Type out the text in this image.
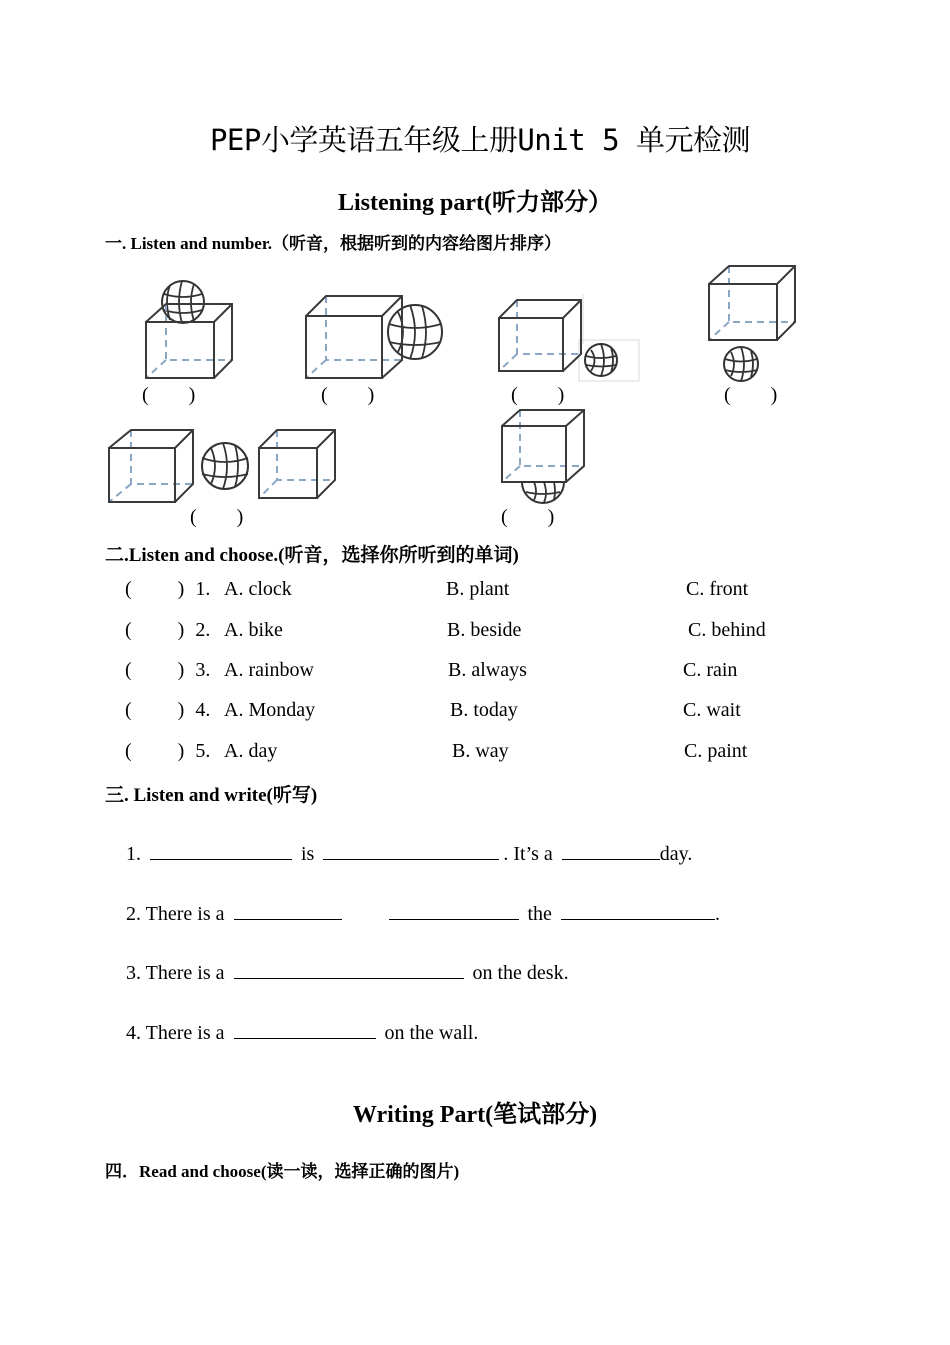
PEP小学英语五年级上册Unit 5 单元检测
Listening part(听力部分）
一. Listen and number.（听音，根据听到的内容给图片排序）
( )	( )	( )	( )
( )	( )
二.Listen and choose.(听音，选择你所听到的单词)
( ) 1. A. clock	B. plant	C. front
( ) 2. A. bike	B. beside	C. behind
( ) 3. A. rainbow	B. always	C. rain
( ) 4. A. Monday	B. today	C. wait
( ) 5. A. day	B. way	C. paint
三. Listen and write(听写)
1.	is	. It’s a	day.
2. There is a	the	.
3. There is a	on the desk.
4. There is a	on the wall.
Writing Part(笔试部分)
四．Read and choose(读一读，选择正确的图片)
